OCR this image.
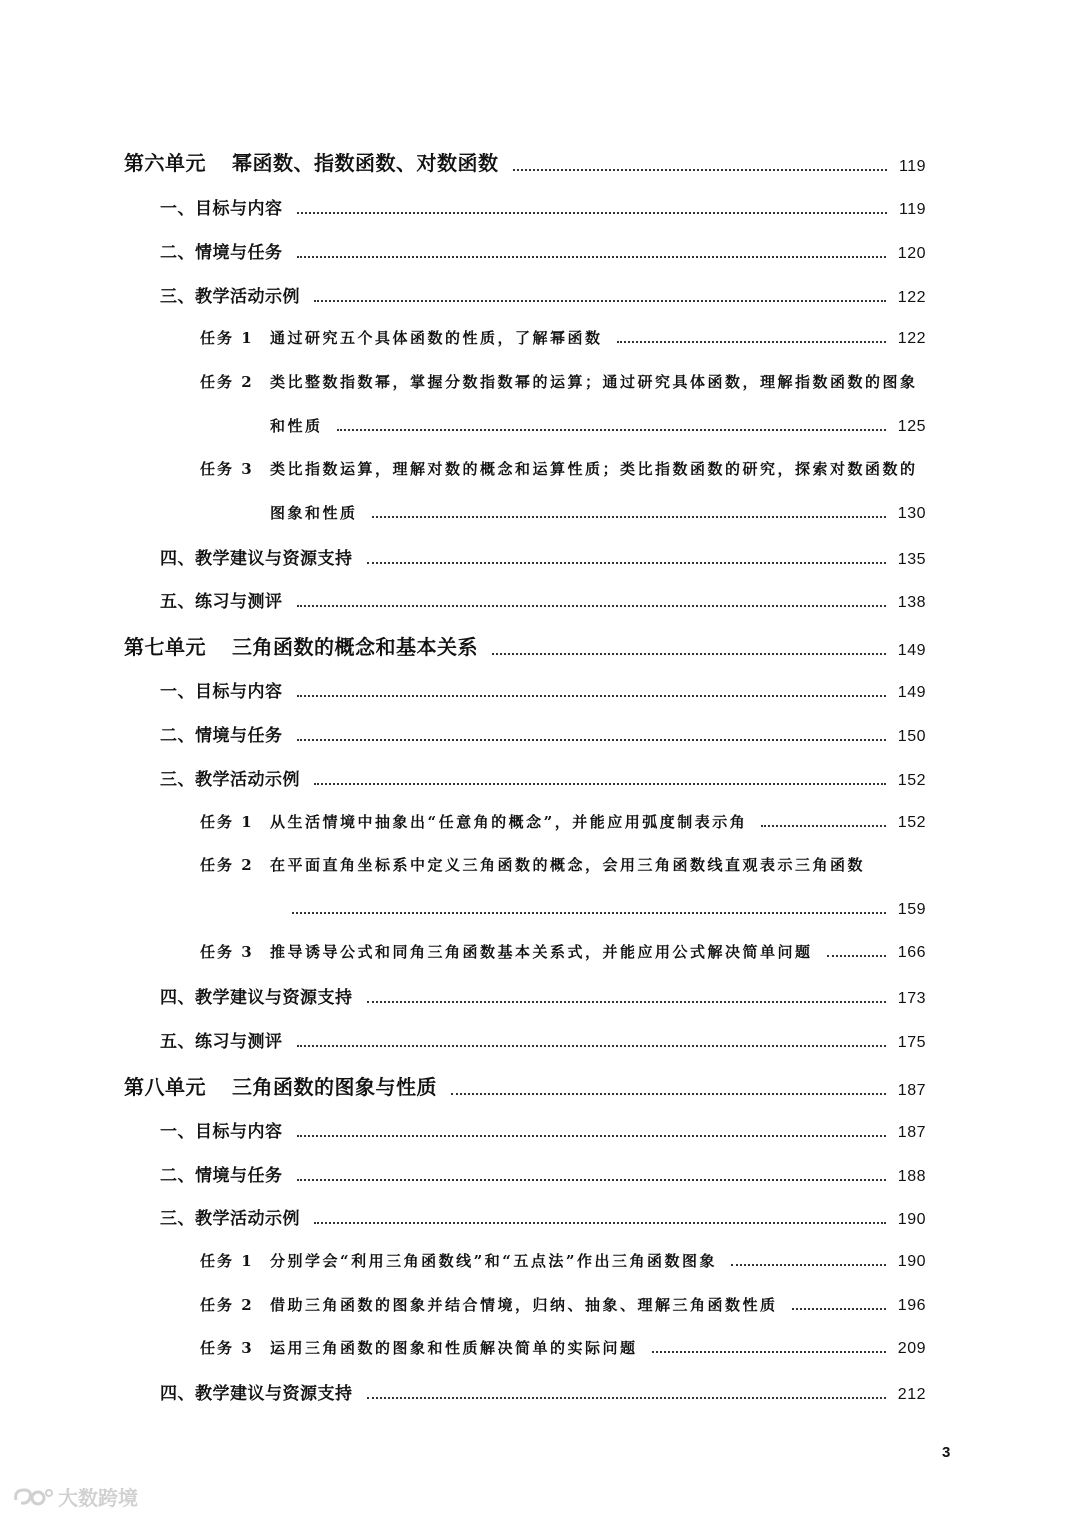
第六单元 幂函数、指数函数、对数函数	119
一、目标与内容	119
二、情境与任务	120
三、教学活动示例	122
任务 1 通过研究五个具体函数的性质，了解幂函数	122
任务 2 类比整数指数幂，掌握分数指数幂的运算；通过研究具体函数，理解指数函数的图象
和性质	125
任务 3 类比指数运算，理解对数的概念和运算性质；类比指数函数的研究，探索对数函数的
图象和性质	130
四、教学建议与资源支持	135
五、练习与测评	138
第七单元 三角函数的概念和基本关系	149
一、目标与内容	149
二、情境与任务	150
三、教学活动示例	152
任务 1 从生活情境中抽象出“任意角的概念”，并能应用弧度制表示角	152
任务 2 在平面直角坐标系中定义三角函数的概念，会用三角函数线直观表示三角函数
159
任务 3 推导诱导公式和同角三角函数基本关系式，并能应用公式解决简单问题	166
四、教学建议与资源支持	173
五、练习与测评	175
第八单元 三角函数的图象与性质	187
一、目标与内容	187
二、情境与任务	188
三、教学活动示例	190
任务 1 分别学会“利用三角函数线”和“五点法”作出三角函数图象	190
任务 2 借助三角函数的图象并结合情境，归纳、抽象、理解三角函数性质	196
任务 3 运用三角函数的图象和性质解决简单的实际问题	209
四、教学建议与资源支持	212
3
大数跨境
